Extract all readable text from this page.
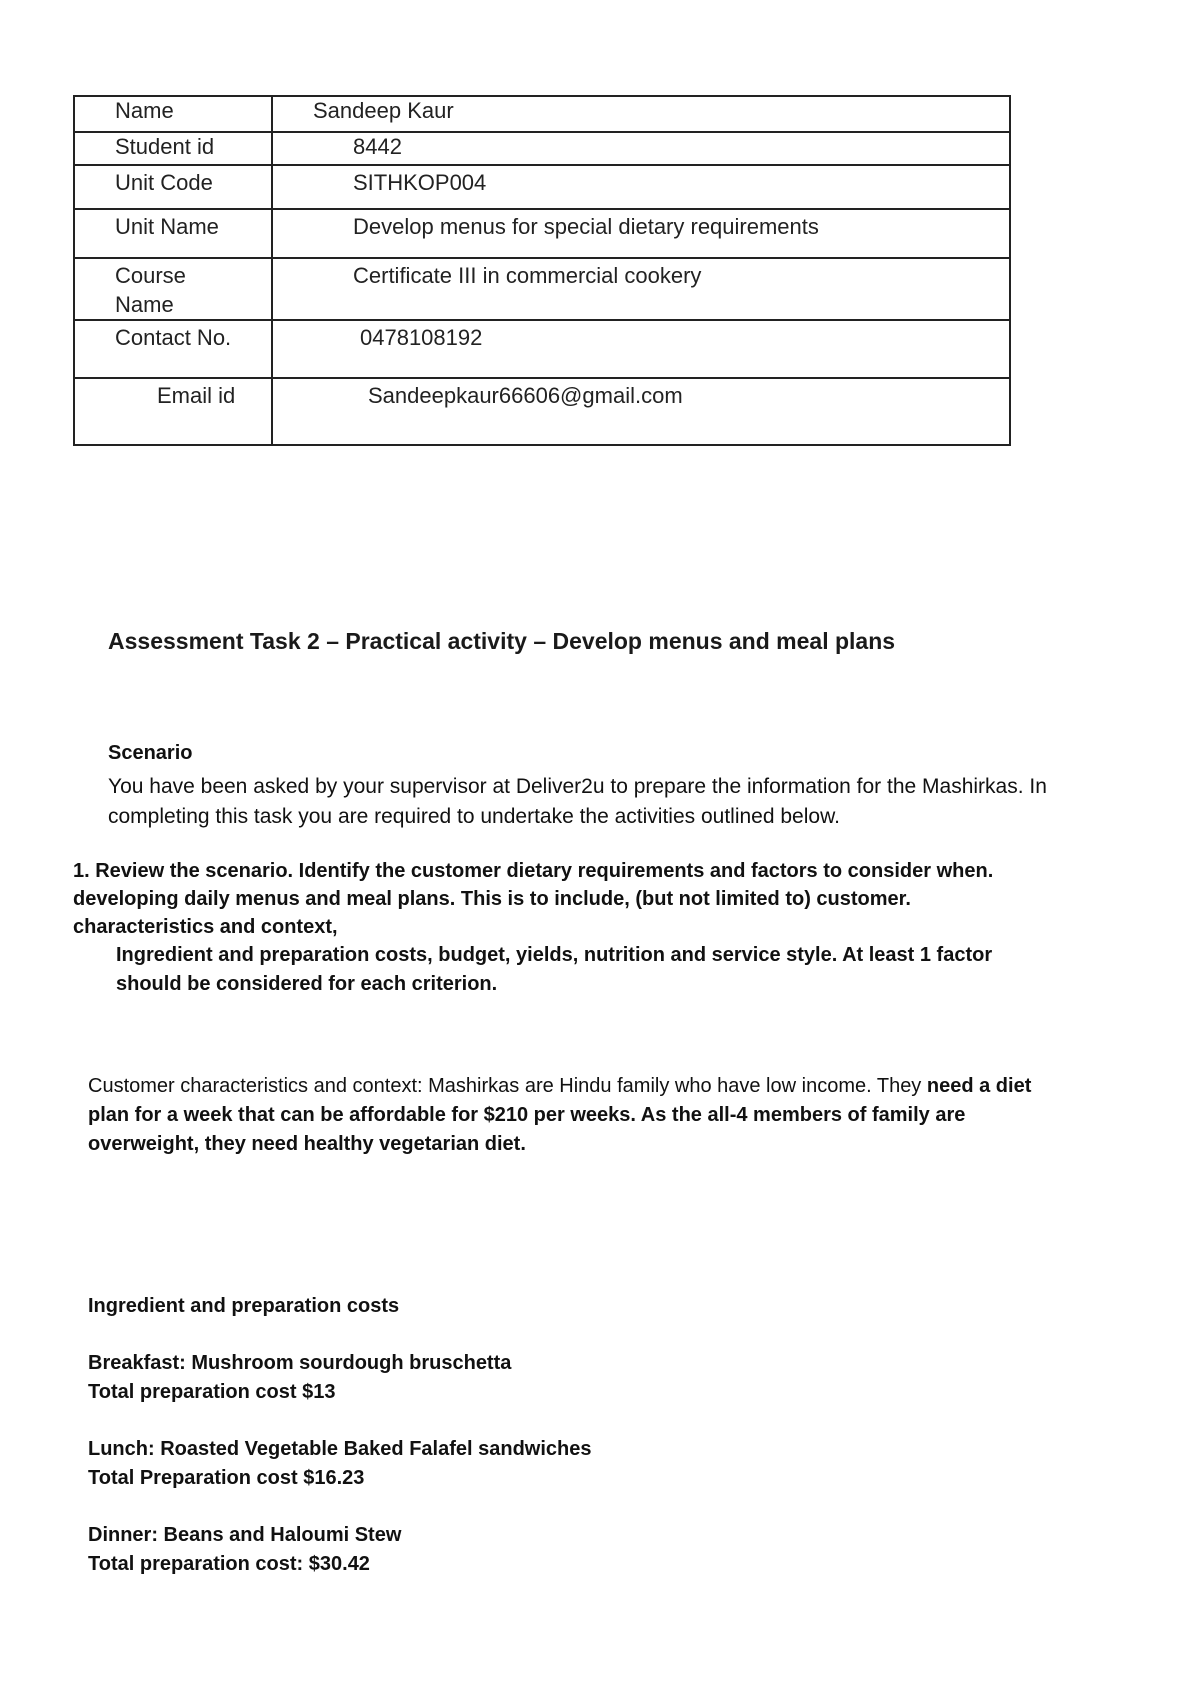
Name	Sandeep Kaur
Student id	8442
Unit Code	SITHKOP004
Unit Name	Develop menus for special dietary requirements
Course Name	Certificate III in commercial cookery
Contact No.	0478108192
Email id	Sandeepkaur66606@gmail.com
Assessment Task 2 – Practical activity – Develop menus and meal plans
Scenario
You have been asked by your supervisor at Deliver2u to prepare the information for the Mashirkas. In completing this task you are required to undertake the activities outlined below.
1. Review the scenario. Identify the customer dietary requirements and factors to consider when. developing daily menus and meal plans. This is to include, (but not limited to) customer. characteristics and context,
Ingredient and preparation costs, budget, yields, nutrition and service style. At least 1 factor should be considered for each criterion.
Customer characteristics and context: Mashirkas are Hindu family who have low income. They need a diet plan for a week that can be affordable for $210 per weeks. As the all-4 members of family are overweight, they need healthy vegetarian diet.

Ingredient and preparation costs

Breakfast: Mushroom sourdough bruschetta

Total preparation cost $13

Lunch: Roasted Vegetable Baked Falafel sandwiches

Total Preparation cost $16.23

Dinner: Beans and Haloumi Stew

Total preparation cost: $30.42
